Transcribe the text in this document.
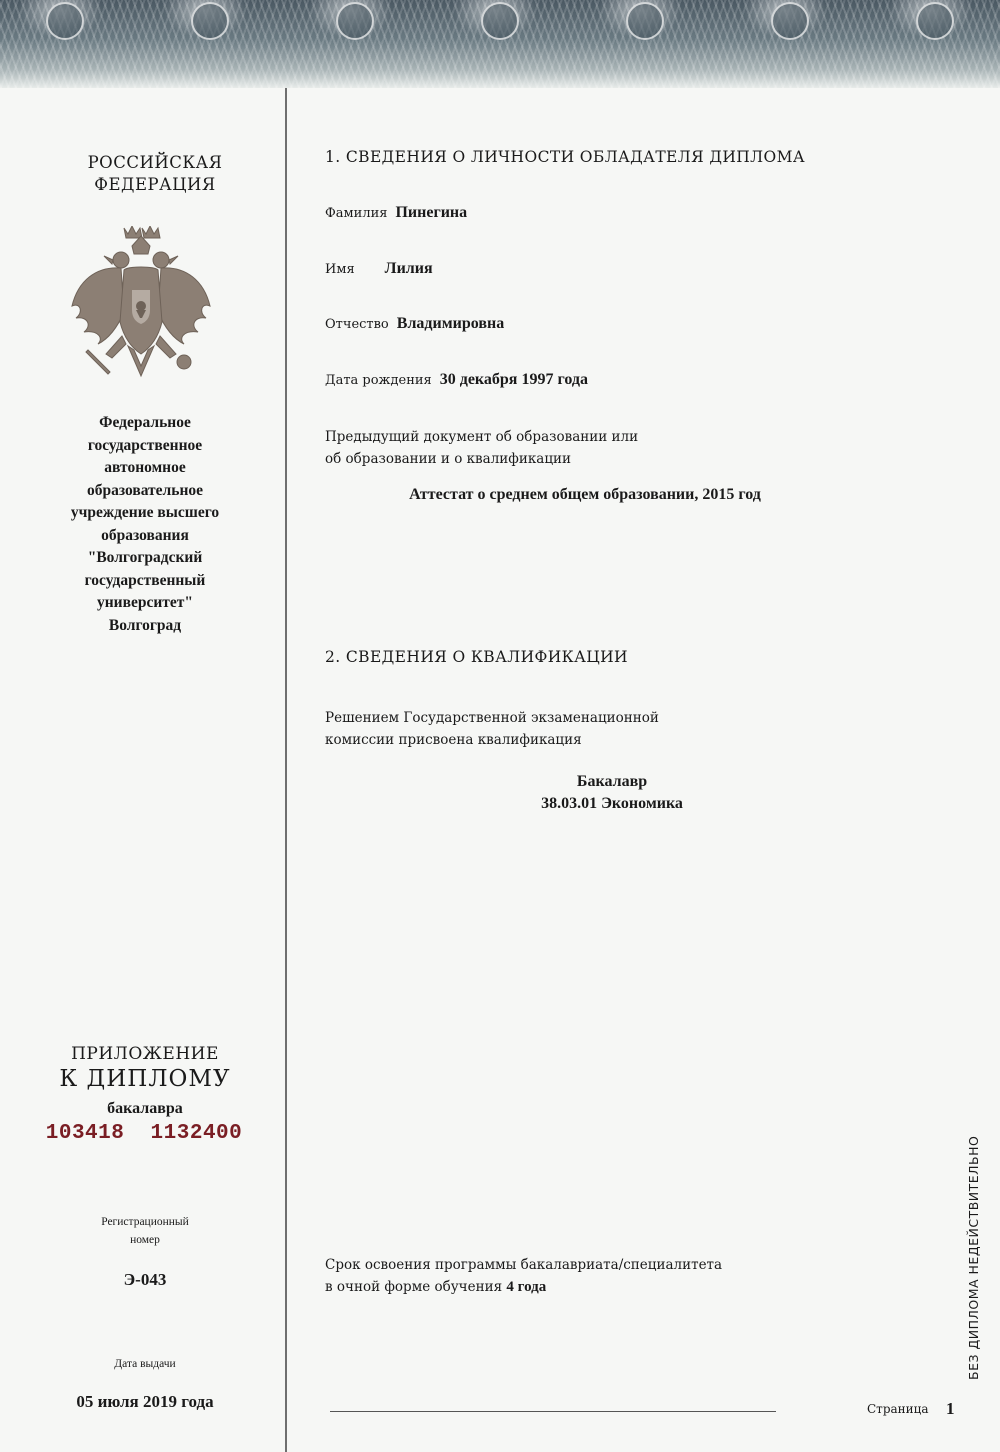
РОССИЙСКАЯ
ФЕДЕРАЦИЯ
Федеральное
государственное
автономное
образовательное
учреждение высшего
образования
"Волгоградский
государственный
университет"
Волгоград
ПРИЛОЖЕНИЕ
К ДИПЛОМУ
бакалавра
103418  1132400
Регистрационный
номер
Э-043
Дата выдачи
05 июля 2019 года
1. СВЕДЕНИЯ О ЛИЧНОСТИ ОБЛАДАТЕЛЯ ДИПЛОМА
Фамилия Пинегина
Имя Лилия
Отчество Владимировна
Дата рождения 30 декабря 1997 года
Предыдущий документ об образовании или
об образовании и о квалификации
Аттестат о среднем общем образовании, 2015 год
2. СВЕДЕНИЯ О КВАЛИФИКАЦИИ
Решением Государственной экзаменационной
комиссии присвоена квалификация
Бакалавр
38.03.01 Экономика
Срок освоения программы бакалавриата/специалитета
в очной форме обучения 4 года
Страница 1
БЕЗ ДИПЛОМА НЕДЕЙСТВИТЕЛЬНО
